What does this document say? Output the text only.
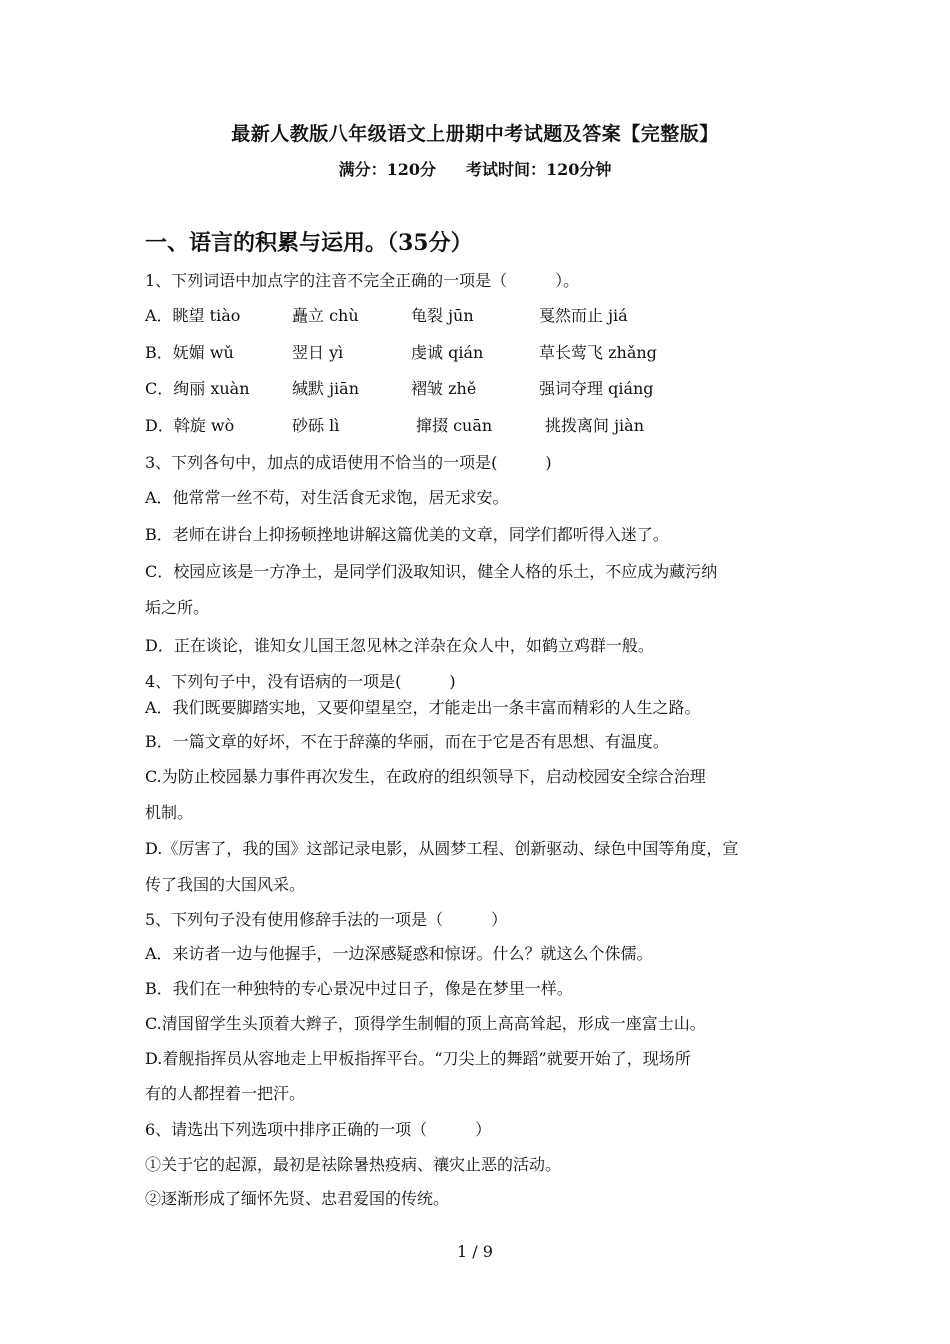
最新人教版八年级语文上册期中考试题及答案【完整版】
满分：120分 考试时间：120分钟
一、语言的积累与运用。（35分）
1、下列词语中加点字的注音不完全正确的一项是（　　　）。
A．眺望 tiào	矗立 chù	龟裂 jūn	戛然而止 jiá
B．妩媚 wǔ	翌日 yì	虔诚 qián	草长莺飞 zhǎng
C．绚丽 xuàn	缄默 jiān	褶皱 zhě	强词夺理 qiáng
D．斡旋 wò	砂砾 lì	撺掇 cuān	挑拨离间 jiàn
3、下列各句中，加点的成语使用不恰当的一项是(　　　)
A．他常常一丝不苟，对生活食无求饱，居无求安。
B．老师在讲台上抑扬顿挫地讲解这篇优美的文章，同学们都听得入迷了。
C．校园应该是一方净土，是同学们汲取知识，健全人格的乐土，不应成为藏污纳
垢之所。
D．正在谈论，谁知女儿国王忽见林之洋杂在众人中，如鹤立鸡群一般。
4、下列句子中，没有语病的一项是(　　　)
A．我们既要脚踏实地，又要仰望星空，才能走出一条丰富而精彩的人生之路。
B．一篇文章的好坏，不在于辞藻的华丽，而在于它是否有思想、有温度。
C.为防止校园暴力事件再次发生，在政府的组织领导下，启动校园安全综合治理
机制。
D.《厉害了，我的国》这部记录电影，从圆梦工程、创新驱动、绿色中国等角度，宣
传了我国的大国风采。
5、下列句子没有使用修辞手法的一项是（　　　）
A．来访者一边与他握手，一边深感疑惑和惊讶。什么？就这么个侏儒。
B．我们在一种独特的专心景况中过日子，像是在梦里一样。
C.清国留学生头顶着大辫子，顶得学生制帽的顶上高高耸起，形成一座富士山。
D.着舰指挥员从容地走上甲板指挥平台。“刀尖上的舞蹈”就要开始了，现场所
有的人都捏着一把汗。
6、请选出下列选项中排序正确的一项（　　　）
①关于它的起源，最初是祛除暑热疫病、禳灾止恶的活动。
②逐渐形成了缅怀先贤、忠君爱国的传统。
1 / 9
